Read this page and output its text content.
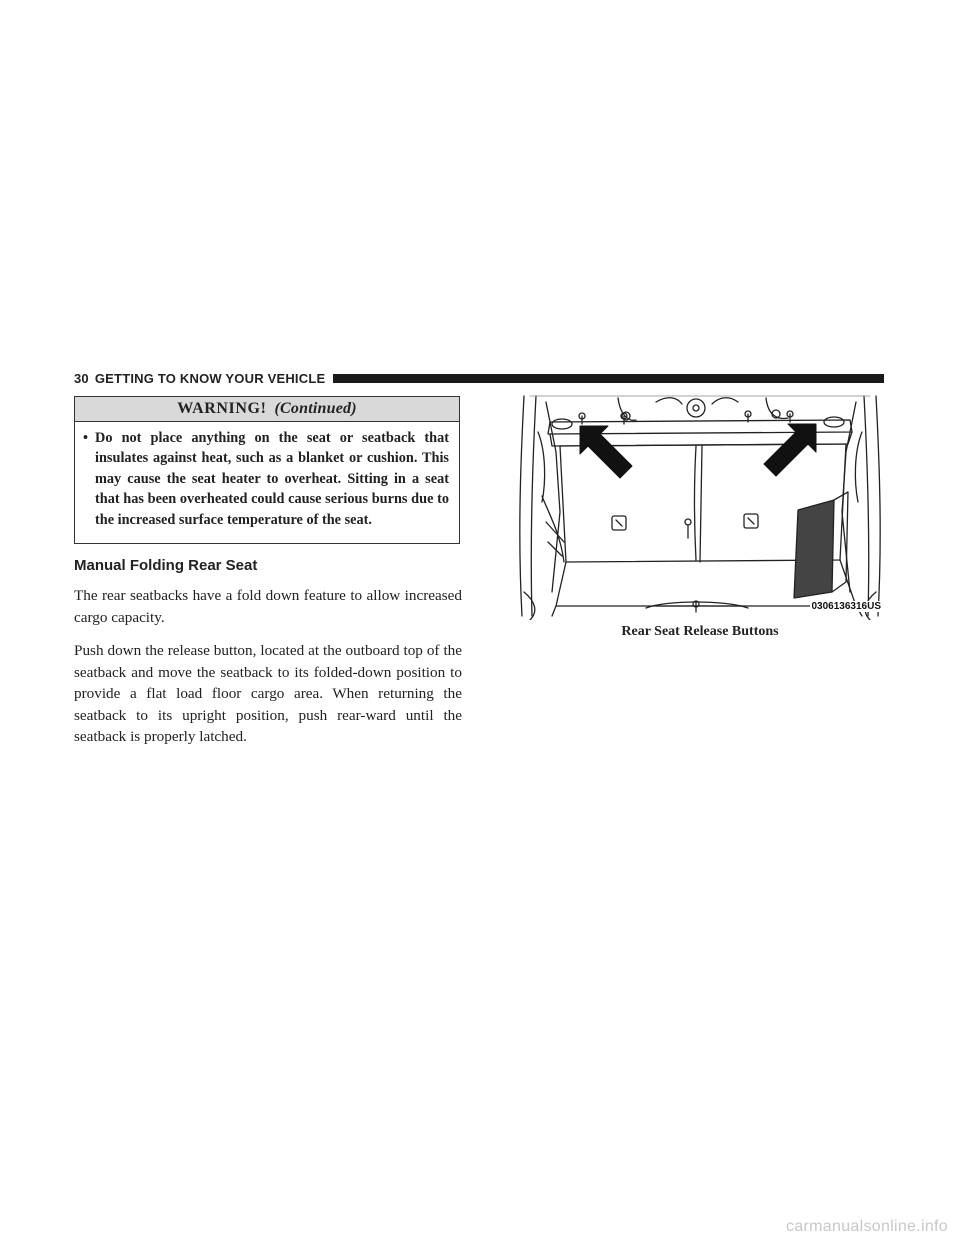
30 GETTING TO KNOW YOUR VEHICLE
WARNING! (Continued)
• Do not place anything on the seat or seatback that insulates against heat, such as a blanket or cushion. This may cause the seat heater to overheat. Sitting in a seat that has been overheated could cause serious burns due to the increased surface temperature of the seat.
Manual Folding Rear Seat

The rear seatbacks have a fold down feature to allow increased cargo capacity.

Push down the release button, located at the outboard top of the seatback and move the seatback to its folded-down position to provide a flat load floor cargo area. When returning the seatback to its upright position, push rear-ward until the seatback is properly latched.

0306136316US
Rear Seat Release Buttons
carmanualsonline.info
